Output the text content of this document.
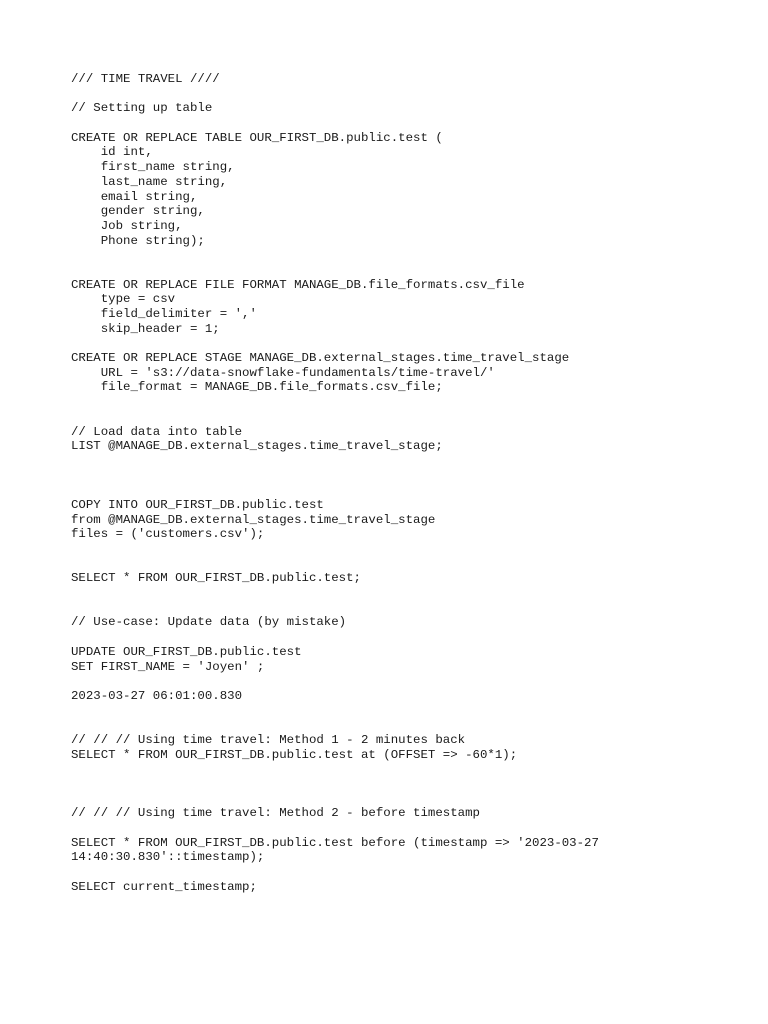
/// TIME TRAVEL ////
// Setting up table
CREATE OR REPLACE TABLE OUR_FIRST_DB.public.test (
id int,
first_name string,
last_name string,
email string,
gender string,
Job string,
Phone string);
CREATE OR REPLACE FILE FORMAT MANAGE_DB.file_formats.csv_file
type = csv
field_delimiter = ','
skip_header = 1;
CREATE OR REPLACE STAGE MANAGE_DB.external_stages.time_travel_stage
URL = 's3://data-snowflake-fundamentals/time-travel/'
file_format = MANAGE_DB.file_formats.csv_file;
// Load data into table
LIST @MANAGE_DB.external_stages.time_travel_stage;
COPY INTO OUR_FIRST_DB.public.test
from @MANAGE_DB.external_stages.time_travel_stage
files = ('customers.csv');
SELECT * FROM OUR_FIRST_DB.public.test;
// Use-case: Update data (by mistake)
UPDATE OUR_FIRST_DB.public.test
SET FIRST_NAME = 'Joyen' ;
2023-03-27 06:01:00.830
// // // Using time travel: Method 1 - 2 minutes back
SELECT * FROM OUR_FIRST_DB.public.test at (OFFSET => -60*1);
// // // Using time travel: Method 2 - before timestamp
SELECT * FROM OUR_FIRST_DB.public.test before (timestamp => '2023-03-27
14:40:30.830'::timestamp);
SELECT current_timestamp;
